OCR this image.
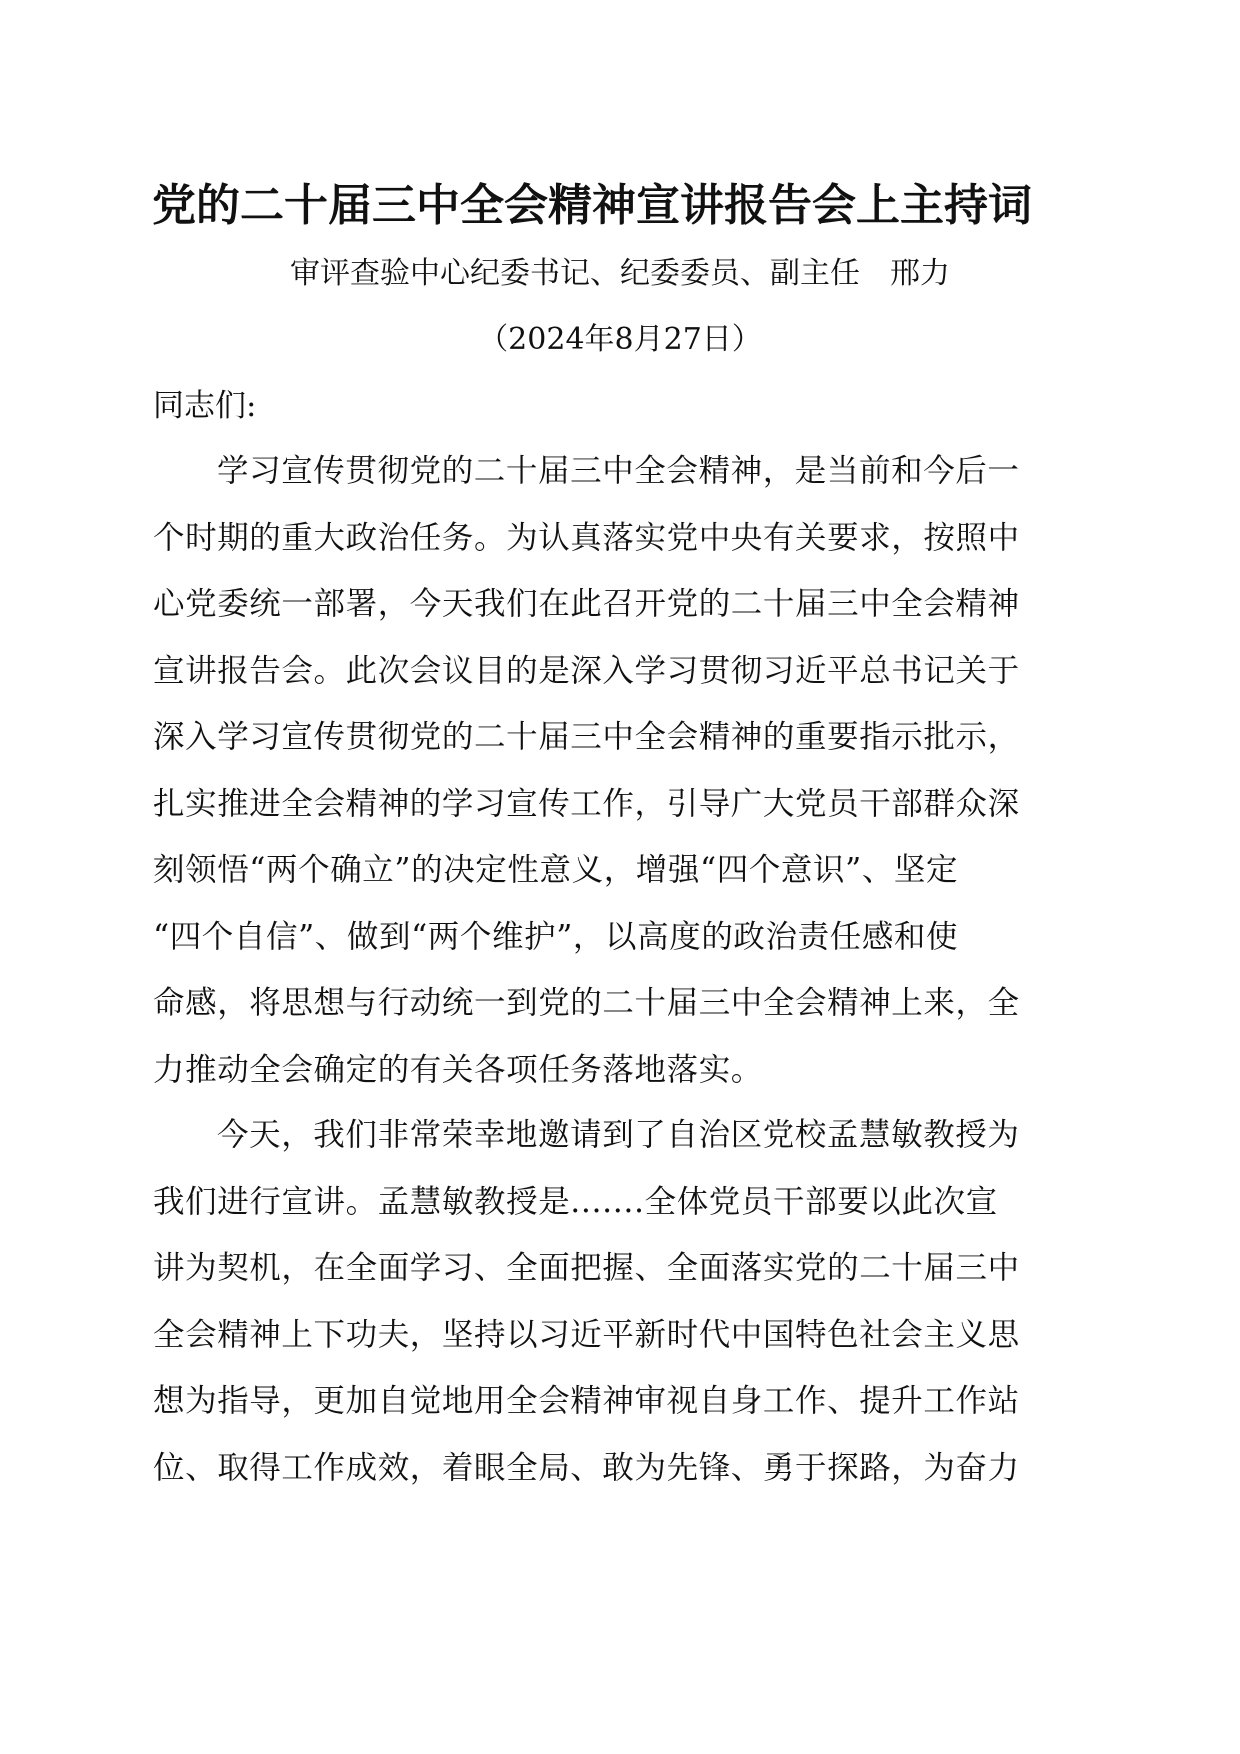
党的二十届三中全会精神宣讲报告会上主持词
审评查验中心纪委书记、纪委委员、副主任　邢力
（2024年8月27日）
同志们:
学习宣传贯彻党的二十届三中全会精神，是当前和今后一
个时期的重大政治任务。为认真落实党中央有关要求，按照中
心党委统一部署，今天我们在此召开党的二十届三中全会精神
宣讲报告会。此次会议目的是深入学习贯彻习近平总书记关于
深入学习宣传贯彻党的二十届三中全会精神的重要指示批示，
扎实推进全会精神的学习宣传工作，引导广大党员干部群众深
刻领悟“两个确立”的决定性意义，增强“四个意识”、坚定
“四个自信”、做到“两个维护”，以高度的政治责任感和使
命感，将思想与行动统一到党的二十届三中全会精神上来，全
力推动全会确定的有关各项任务落地落实。
今天，我们非常荣幸地邀请到了自治区党校孟慧敏教授为
我们进行宣讲。孟慧敏教授是.......全体党员干部要以此次宣
讲为契机，在全面学习、全面把握、全面落实党的二十届三中
全会精神上下功夫，坚持以习近平新时代中国特色社会主义思
想为指导，更加自觉地用全会精神审视自身工作、提升工作站
位、取得工作成效，着眼全局、敢为先锋、勇于探路，为奋力
